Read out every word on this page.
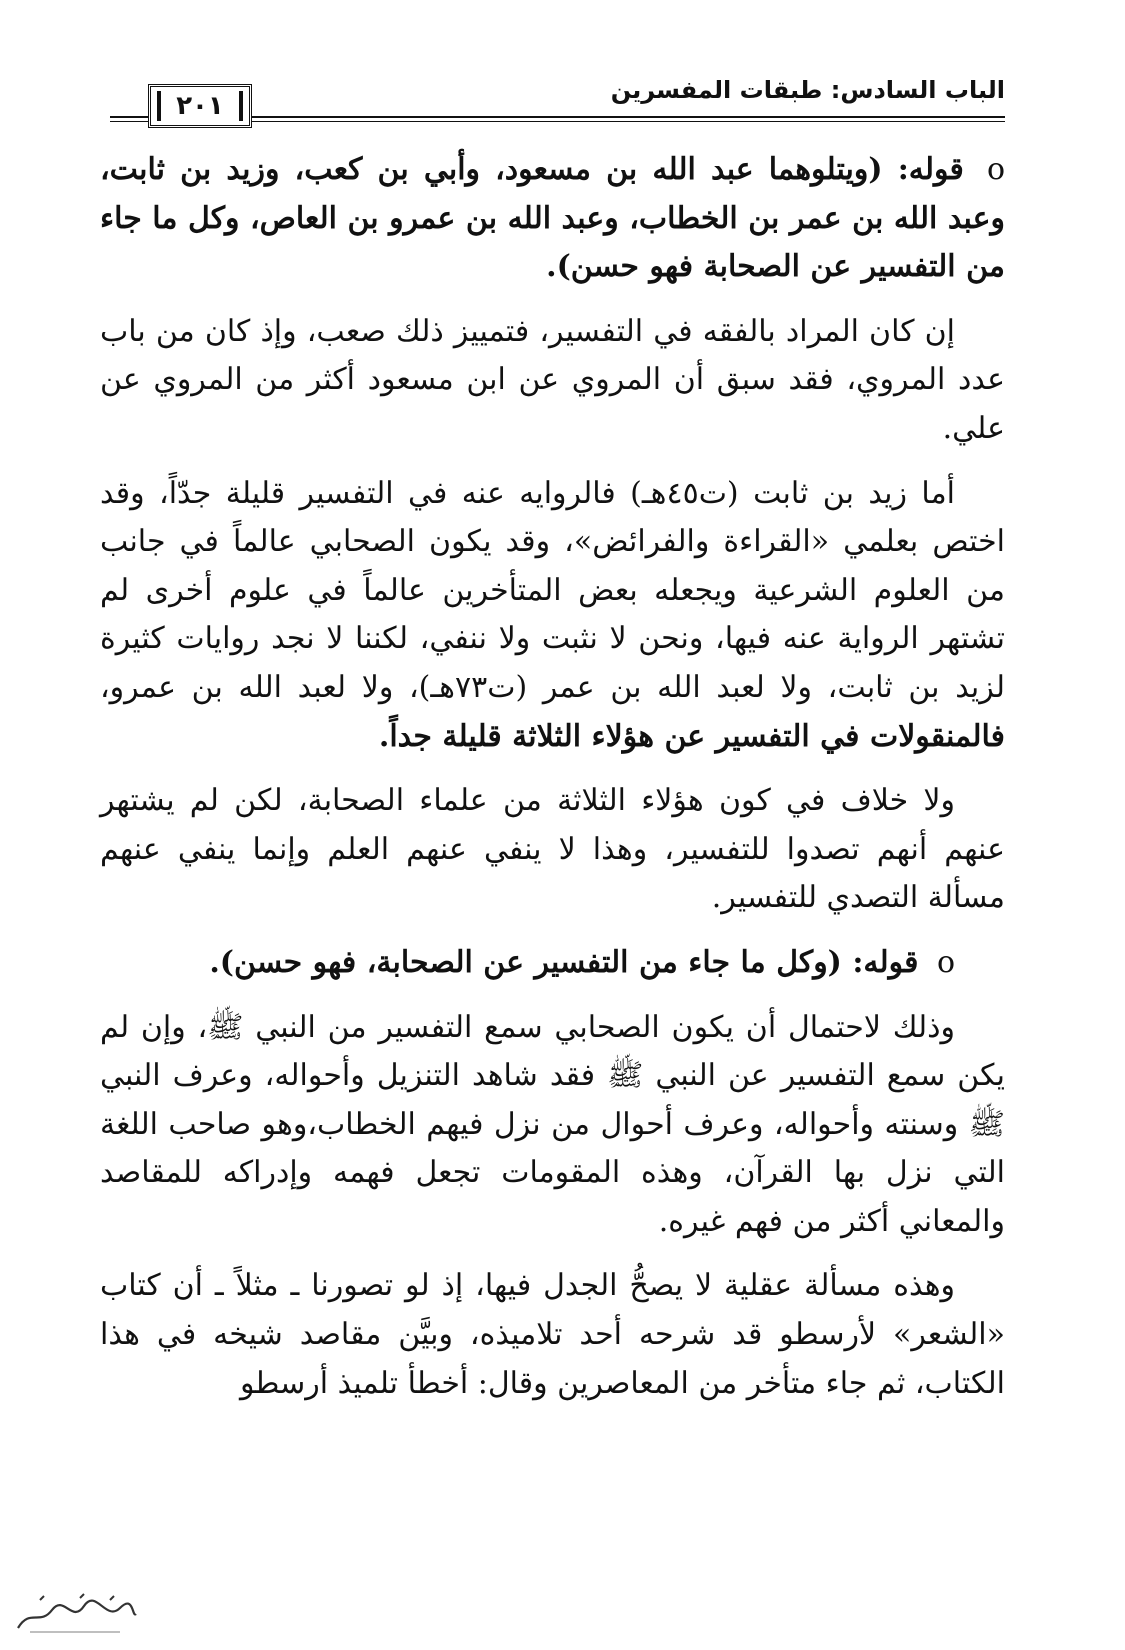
الباب السادس: طبقات المفسرين
٢٠١

o قوله: (ويتلوهما عبد الله بن مسعود، وأبي بن كعب، وزيد بن ثابت، وعبد الله بن عمر بن الخطاب، وعبد الله بن عمرو بن العاص، وكل ما جاء من التفسير عن الصحابة فهو حسن).

إن كان المراد بالفقه في التفسير، فتمييز ذلك صعب، وإذ كان من باب عدد المروي، فقد سبق أن المروي عن ابن مسعود أكثر من المروي عن علي.

أما زيد بن ثابت (ت٤٥هـ) فالروايه عنه في التفسير قليلة جدّاً، وقد اختص بعلمي «القراءة والفرائض»، وقد يكون الصحابي عالماً في جانب من العلوم الشرعية ويجعله بعض المتأخرين عالماً في علوم أخرى لم تشتهر الرواية عنه فيها، ونحن لا نثبت ولا ننفي، لكننا لا نجد روايات كثيرة لزيد بن ثابت، ولا لعبد الله بن عمر (ت٧٣هـ)، ولا لعبد الله بن عمرو، فالمنقولات في التفسير عن هؤلاء الثلاثة قليلة جداً.

ولا خلاف في كون هؤلاء الثلاثة من علماء الصحابة، لكن لم يشتهر عنهم أنهم تصدوا للتفسير، وهذا لا ينفي عنهم العلم وإنما ينفي عنهم مسألة التصدي للتفسير.

o قوله: (وكل ما جاء من التفسير عن الصحابة، فهو حسن).

وذلك لاحتمال أن يكون الصحابي سمع التفسير من النبي ﷺ، وإن لم يكن سمع التفسير عن النبي ﷺ فقد شاهد التنزيل وأحواله، وعرف النبي ﷺ وسنته وأحواله، وعرف أحوال من نزل فيهم الخطاب،وهو صاحب اللغة التي نزل بها القرآن، وهذه المقومات تجعل فهمه وإدراكه للمقاصد والمعاني أكثر من فهم غيره.

وهذه مسألة عقلية لا يصحُّ الجدل فيها، إذ لو تصورنا ـ مثلاً ـ أن كتاب «الشعر» لأرسطو قد شرحه أحد تلاميذه، وبيَّن مقاصد شيخه في هذا الكتاب، ثم جاء متأخر من المعاصرين وقال: أخطأ تلميذ أرسطو
